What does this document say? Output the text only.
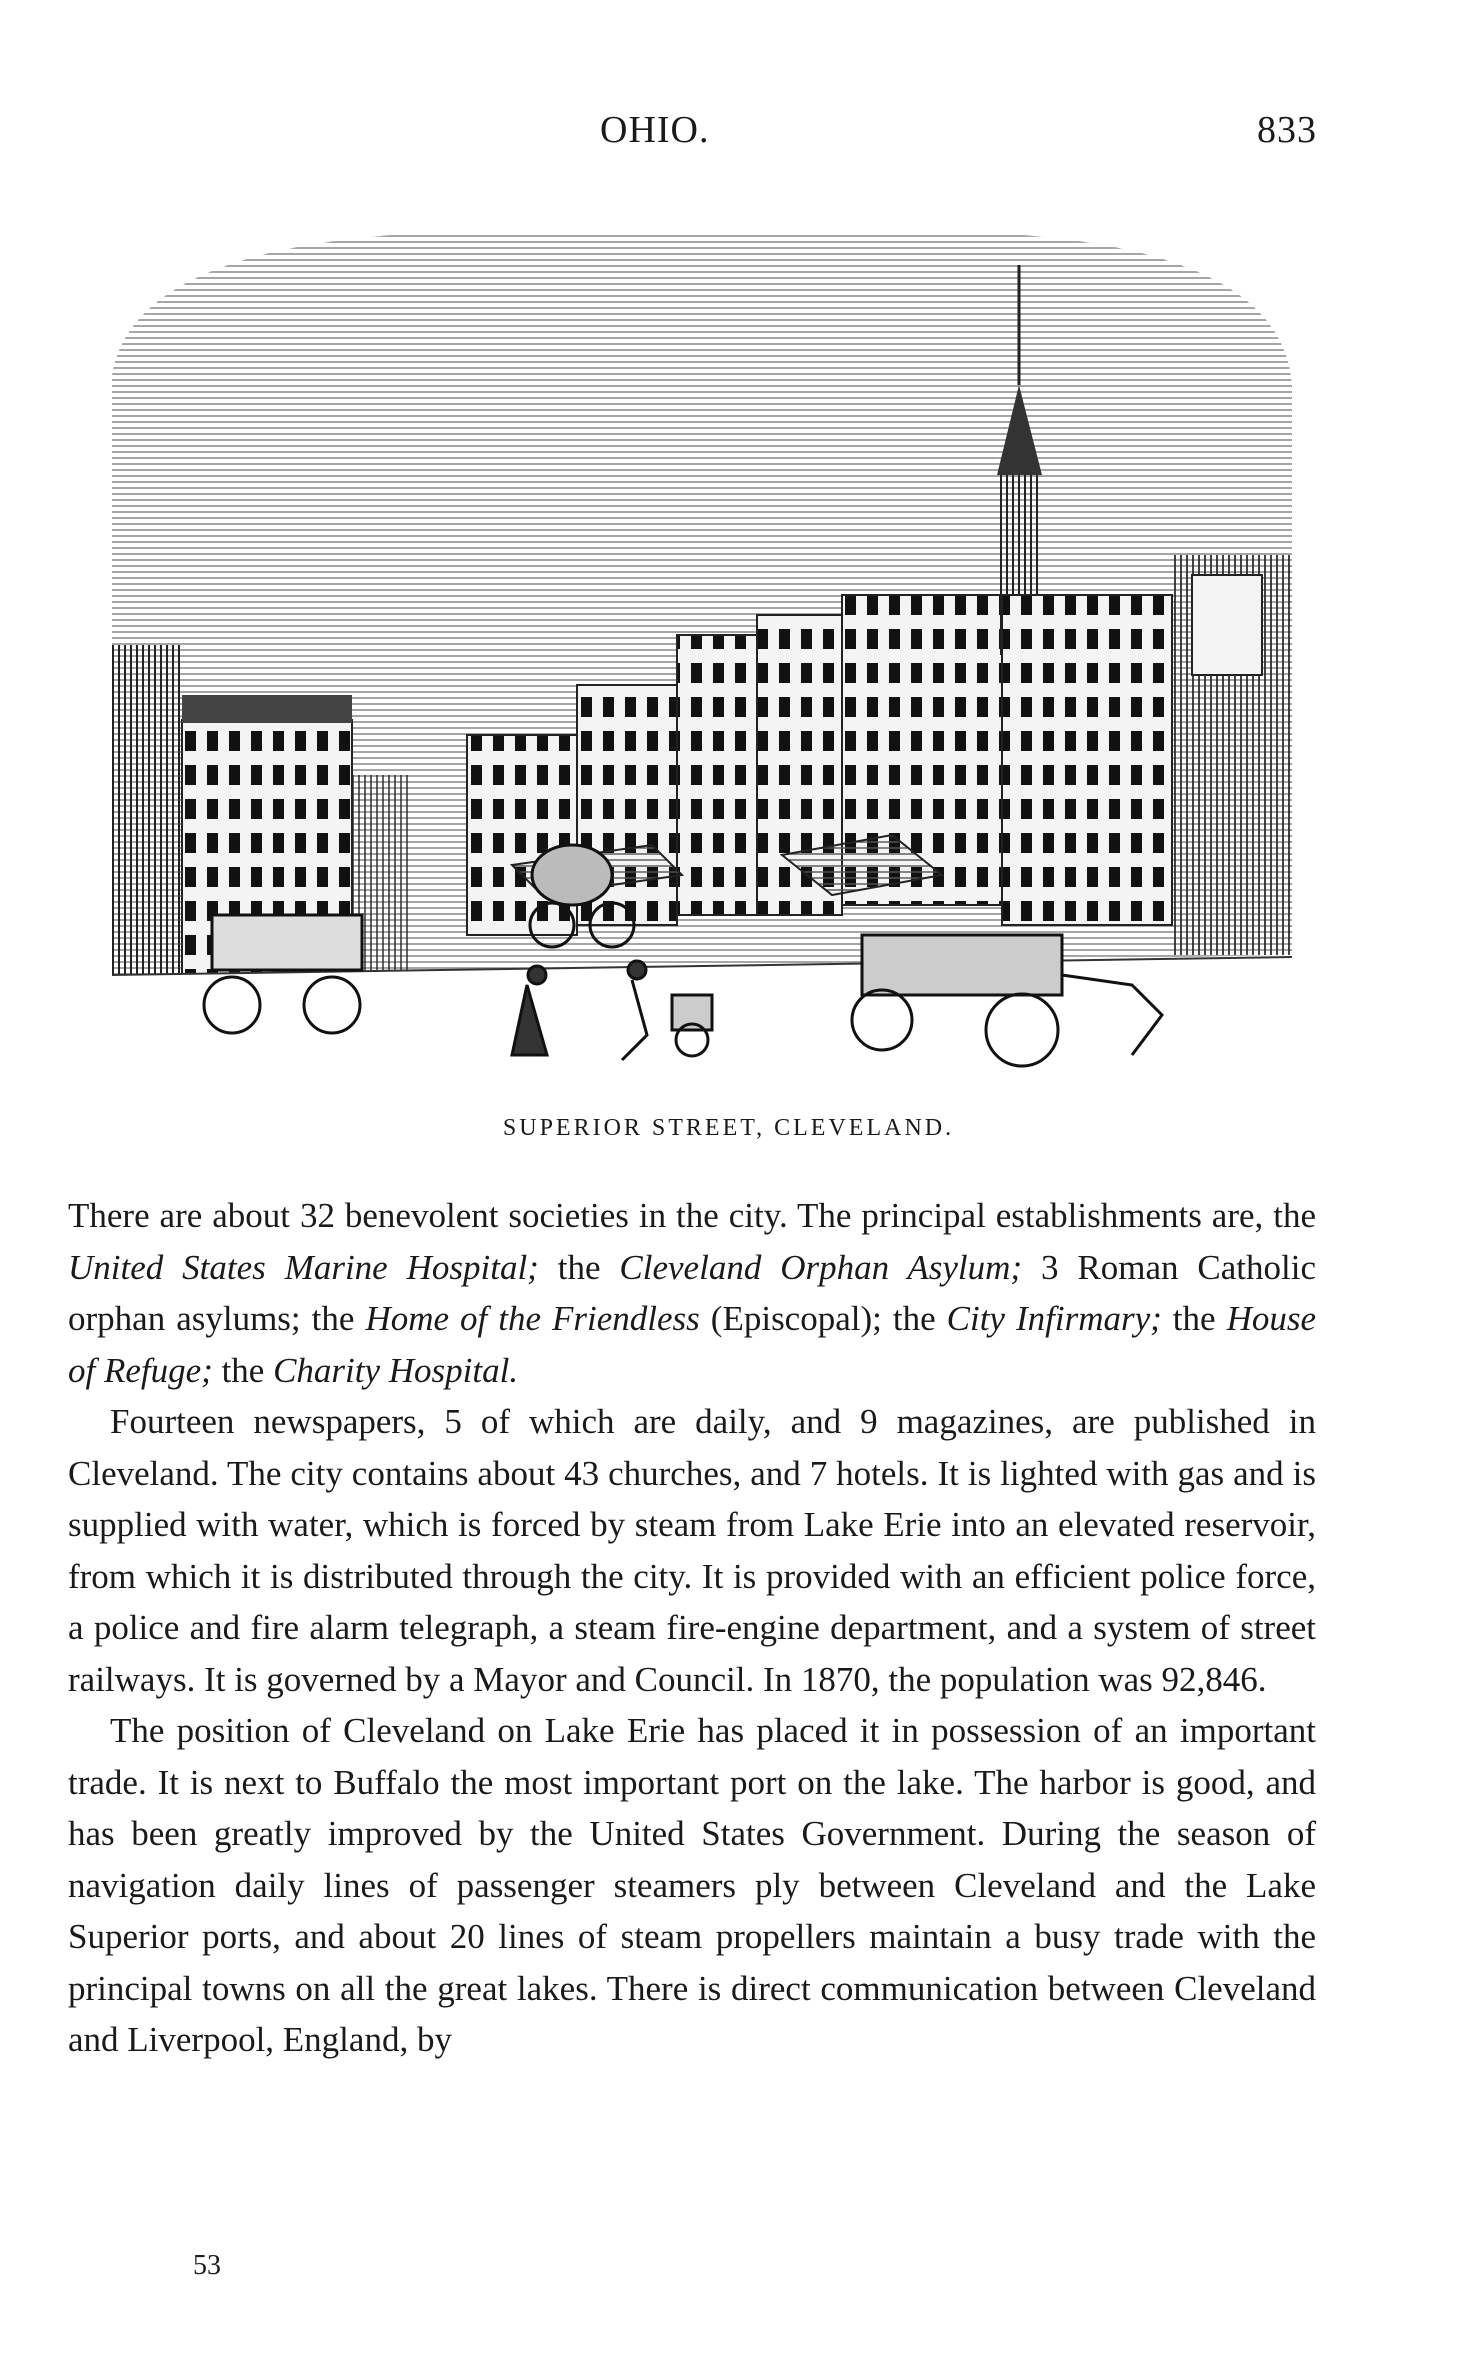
OHIO.	833
SUPERIOR STREET, CLEVELAND.

There are about 32 benevolent societies in the city. The principal establishments are, the United States Marine Hospital; the Cleveland Orphan Asylum; 3 Roman Catholic orphan asylums; the Home of the Friendless (Episcopal); the City Infirmary; the House of Refuge; the Charity Hospital.

Fourteen newspapers, 5 of which are daily, and 9 magazines, are published in Cleveland. The city contains about 43 churches, and 7 hotels. It is lighted with gas and is supplied with water, which is forced by steam from Lake Erie into an elevated reservoir, from which it is distributed through the city. It is provided with an efficient police force, a police and fire alarm telegraph, a steam fire-engine department, and a system of street railways. It is governed by a Mayor and Council. In 1870, the population was 92,846.

The position of Cleveland on Lake Erie has placed it in possession of an important trade. It is next to Buffalo the most important port on the lake. The harbor is good, and has been greatly improved by the United States Government. During the season of navigation daily lines of passenger steamers ply between Cleveland and the Lake Superior ports, and about 20 lines of steam propellers maintain a busy trade with the principal towns on all the great lakes. There is direct communication between Cleveland and Liverpool, England, by

53
